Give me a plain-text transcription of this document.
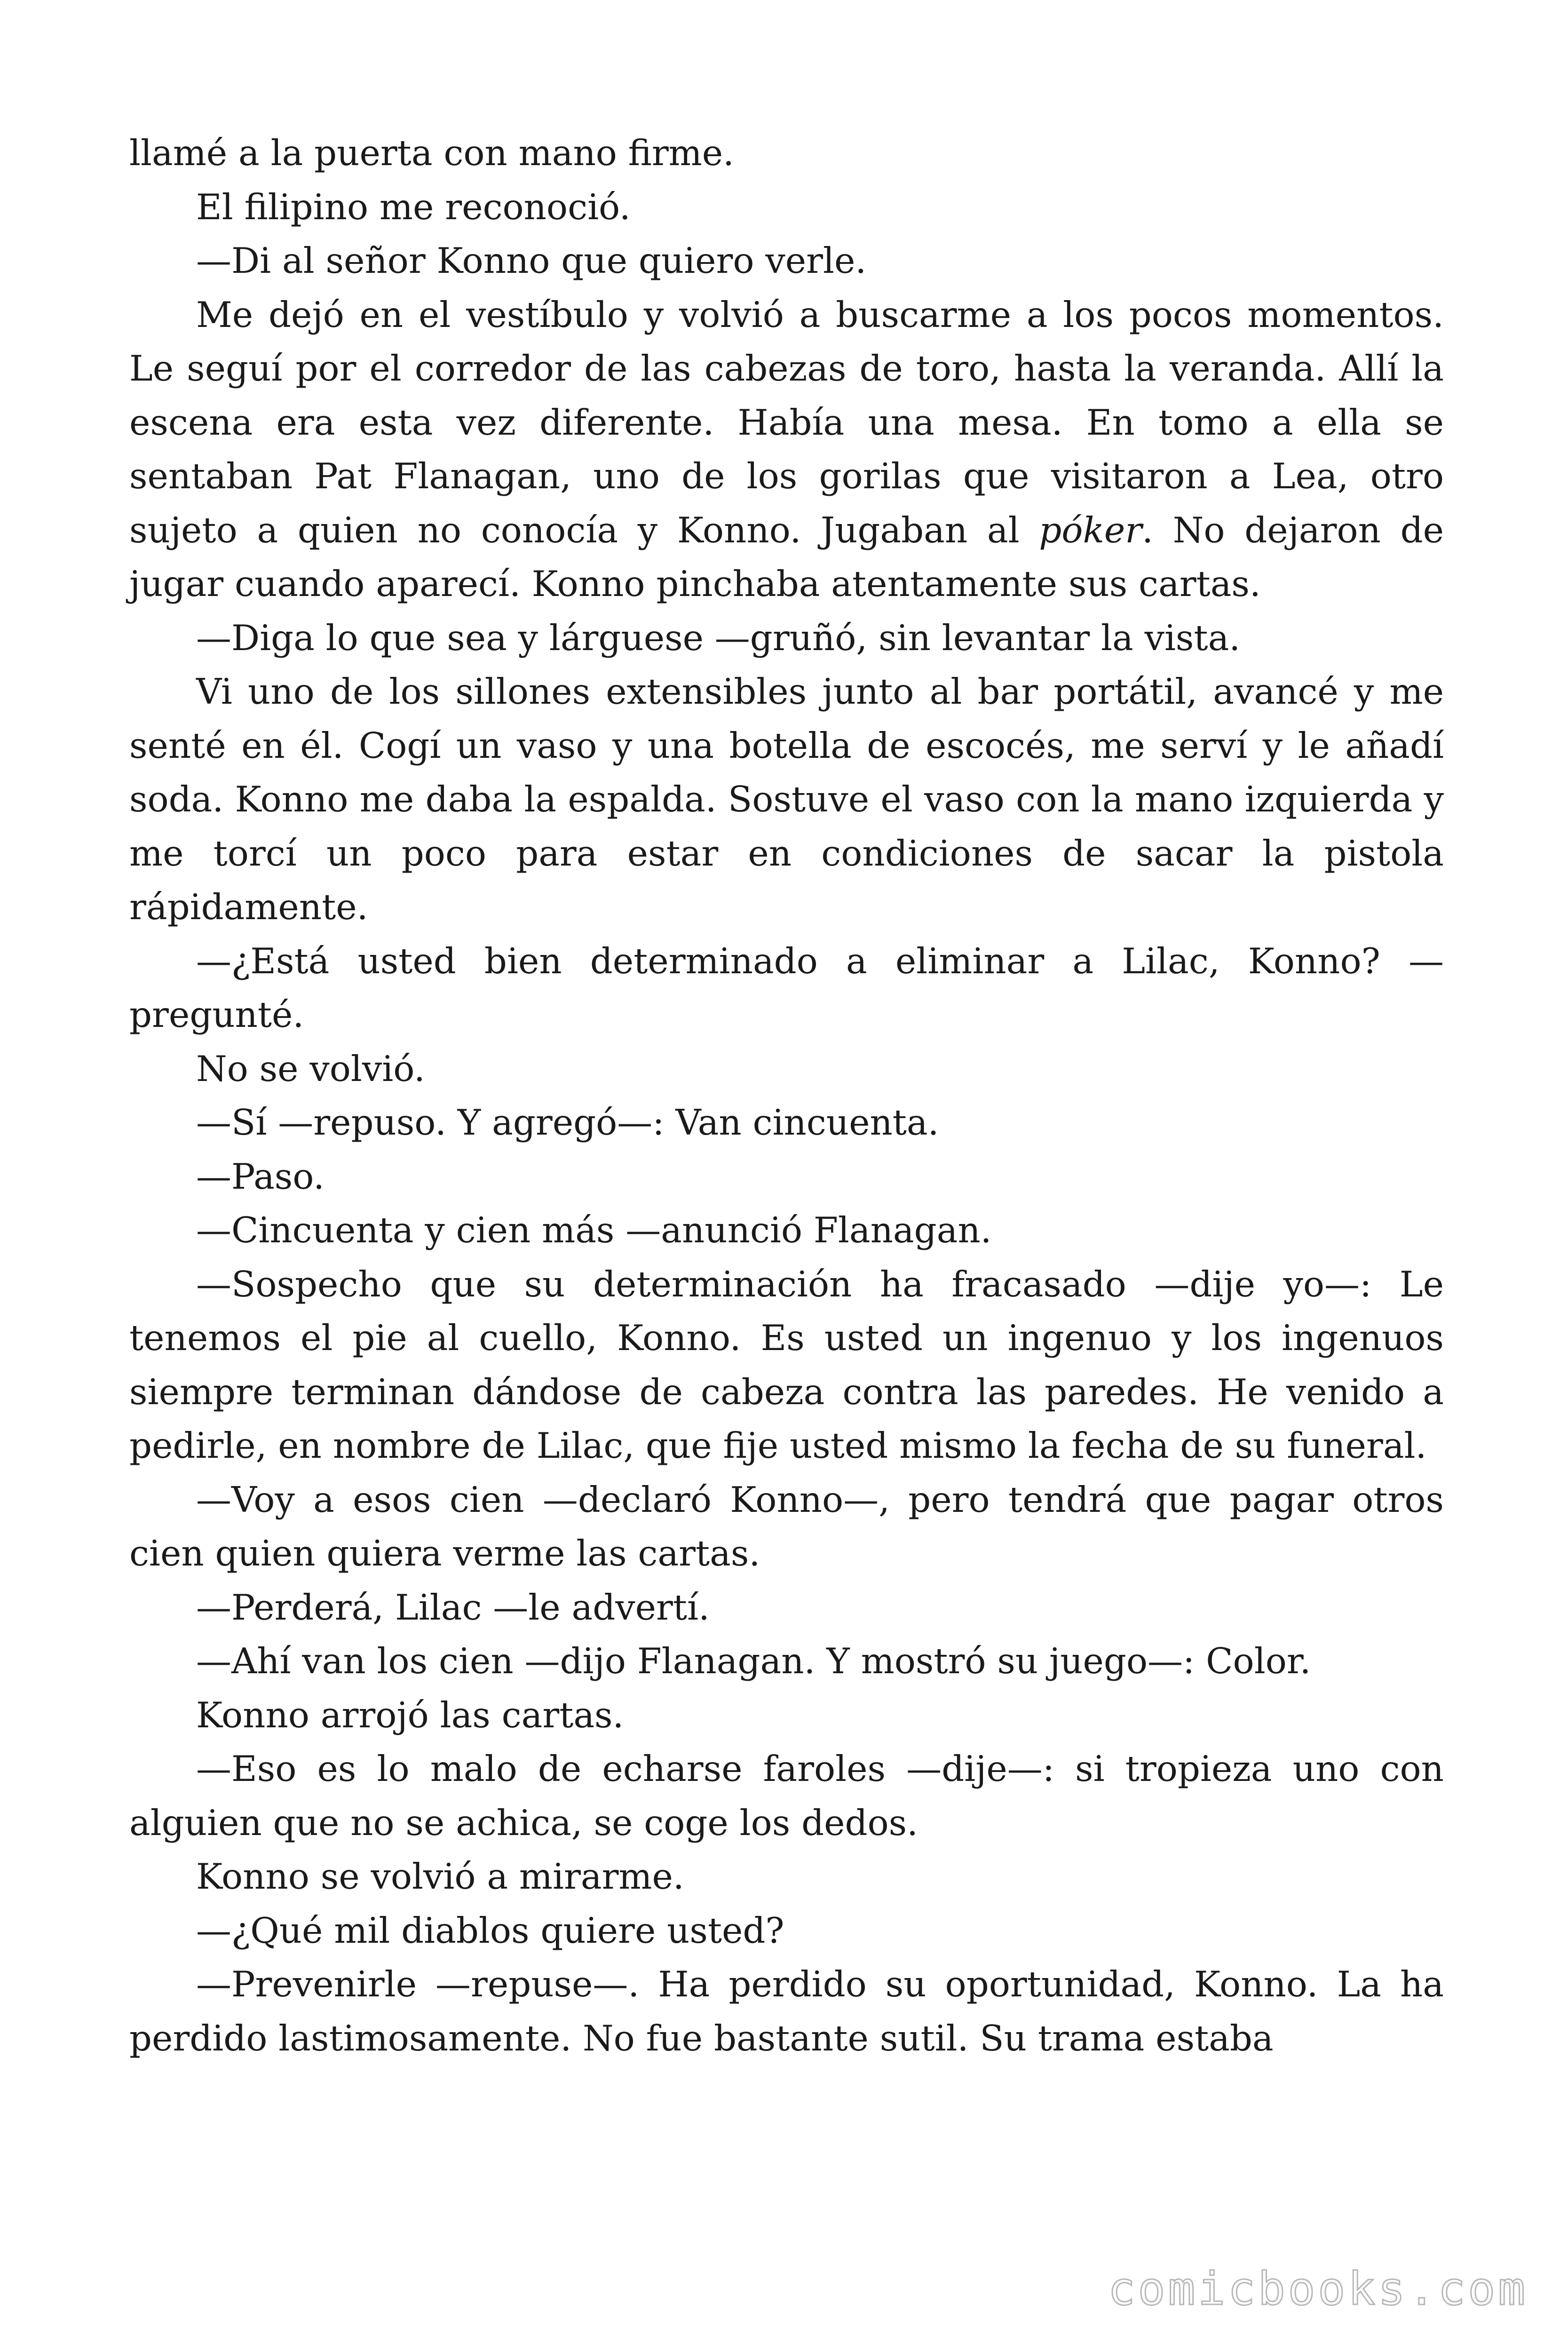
llamé a la puerta con mano firme.

El filipino me reconoció.

—Di al señor Konno que quiero verle.

Me dejó en el vestíbulo y volvió a buscarme a los pocos momentos. Le seguí por el corredor de las cabezas de toro, hasta la veranda. Allí la escena era esta vez diferente. Había una mesa. En tomo a ella se sentaban Pat Flanagan, uno de los gorilas que visitaron a Lea, otro sujeto a quien no conocía y Konno. Jugaban al póker. No dejaron de jugar cuando aparecí. Konno pinchaba atentamente sus cartas.

—Diga lo que sea y lárguese —gruñó, sin levantar la vista.

Vi uno de los sillones extensibles junto al bar portátil, avancé y me senté en él. Cogí un vaso y una botella de escocés, me serví y le añadí soda. Konno me daba la espalda. Sostuve el vaso con la mano izquierda y me torcí un poco para estar en condiciones de sacar la pistola rápidamente.

—¿Está usted bien determinado a eliminar a Lilac, Konno? —pregunté.

No se volvió.

—Sí —repuso. Y agregó—: Van cincuenta.

—Paso.

—Cincuenta y cien más —anunció Flanagan.

—Sospecho que su determinación ha fracasado —dije yo—: Le tenemos el pie al cuello, Konno. Es usted un ingenuo y los ingenuos siempre terminan dándose de cabeza contra las paredes. He venido a pedirle, en nombre de Lilac, que fije usted mismo la fecha de su funeral.

—Voy a esos cien —declaró Konno—, pero tendrá que pagar otros cien quien quiera verme las cartas.

—Perderá, Lilac —le advertí.

—Ahí van los cien —dijo Flanagan. Y mostró su juego—: Color.

Konno arrojó las cartas.

—Eso es lo malo de echarse faroles —dije—: si tropieza uno con alguien que no se achica, se coge los dedos.

Konno se volvió a mirarme.

—¿Qué mil diablos quiere usted?

—Prevenirle —repuse—. Ha perdido su oportunidad, Konno. La ha perdido lastimosamente. No fue bastante sutil. Su trama estaba

comicbooks.com
